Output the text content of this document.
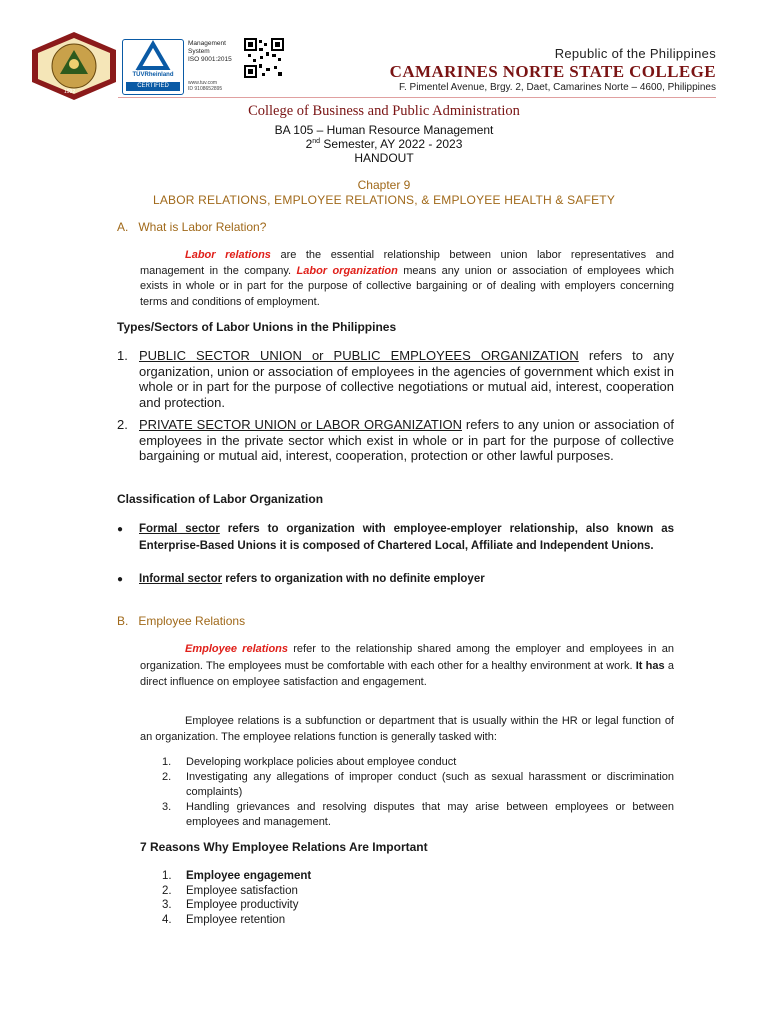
1992
TÜVRheinland
CERTIFIED
Management
System
ISO 9001:2015
www.tuv.com
ID 9108652895
Republic of the Philippines
CAMARINES NORTE STATE COLLEGE
F. Pimentel Avenue, Brgy. 2, Daet, Camarines Norte – 4600, Philippines
College of Business and Public Administration
BA 105 – Human Resource Management
2nd Semester, AY 2022 - 2023
HANDOUT
Chapter 9
LABOR RELATIONS, EMPLOYEE RELATIONS, & EMPLOYEE HEALTH & SAFETY
A.   What is Labor Relation?

Labor relations are the essential relationship between union labor representatives and management in the company. Labor organization means any union or association of employees which exists in whole or in part for the purpose of collective bargaining or of dealing with employers concerning terms and conditions of employment.

Types/Sectors of Labor Unions in the Philippines
1. PUBLIC SECTOR UNION or PUBLIC EMPLOYEES ORGANIZATION refers to any organization, union or association of employees in the agencies of government which exist in whole or in part for the purpose of collective negotiations or mutual aid, interest, cooperation and protection.

2. PRIVATE SECTOR UNION or LABOR ORGANIZATION refers to any union or association of employees in the private sector which exist in whole or in part for the purpose of collective bargaining or mutual aid, interest, cooperation, protection or other lawful purposes.

Classification of Labor Organization
● Formal sector refers to organization with employee-employer relationship, also known as Enterprise-Based Unions it is composed of Chartered Local, Affiliate and Independent Unions.

● Informal sector refers to organization with no definite employer

B.   Employee Relations

Employee relations refer to the relationship shared among the employer and employees in an organization. The employees must be comfortable with each other for a healthy environment at work. It has a direct influence on employee satisfaction and engagement.

Employee relations is a subfunction or department that is usually within the HR or legal function of an organization. The employee relations function is generally tasked with:

1. Developing workplace policies about employee conduct

2. Investigating any allegations of improper conduct (such as sexual harassment or discrimination complaints)

3. Handling grievances and resolving disputes that may arise between employees or between employees and management.

7 Reasons Why Employee Relations Are Important
1. Employee engagement
2. Employee satisfaction
3. Employee productivity
4. Employee retention
